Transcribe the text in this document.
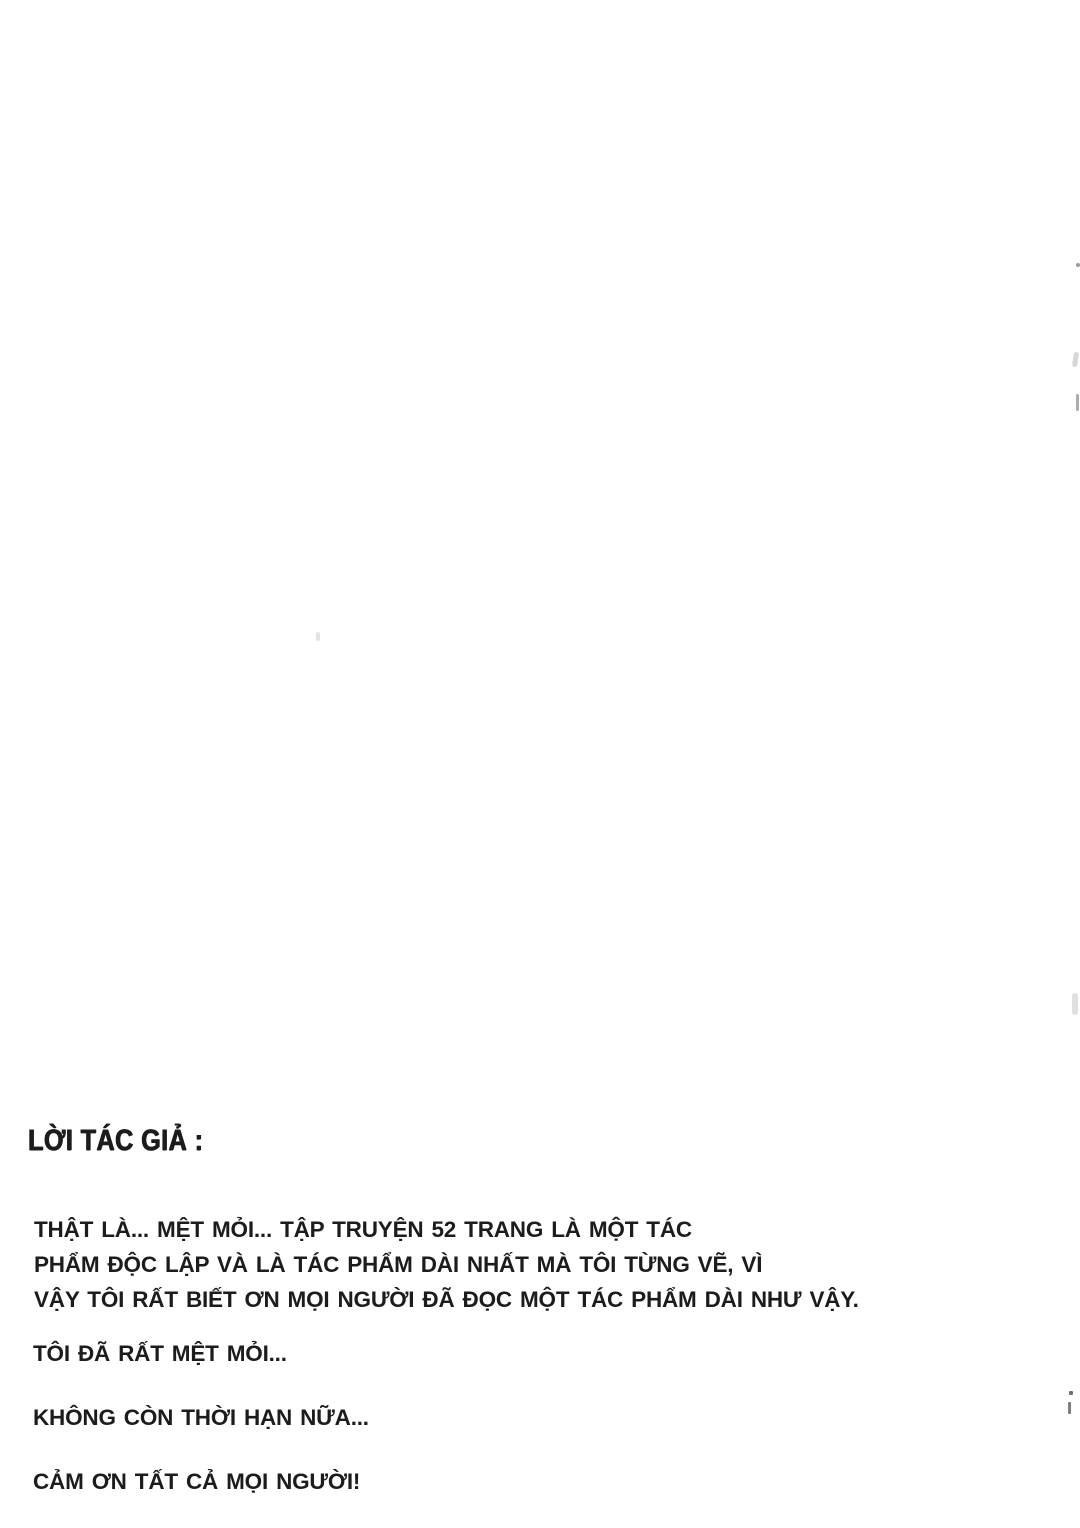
LỜI TÁC GIẢ :

THẬT LÀ... MỆT MỎI... TẬP TRUYỆN 52 TRANG LÀ MỘT TÁC
PHẨM ĐỘC LẬP VÀ LÀ TÁC PHẨM DÀI NHẤT MÀ TÔI TỪNG VẼ, VÌ
VẬY TÔI RẤT BIẾT ƠN MỌI NGƯỜI ĐÃ ĐỌC MỘT TÁC PHẨM DÀI NHƯ VẬY.

TÔI ĐÃ RẤT MỆT MỎI...

KHÔNG CÒN THỜI HẠN NỮA...

CẢM ƠN TẤT CẢ MỌI NGƯỜI!
